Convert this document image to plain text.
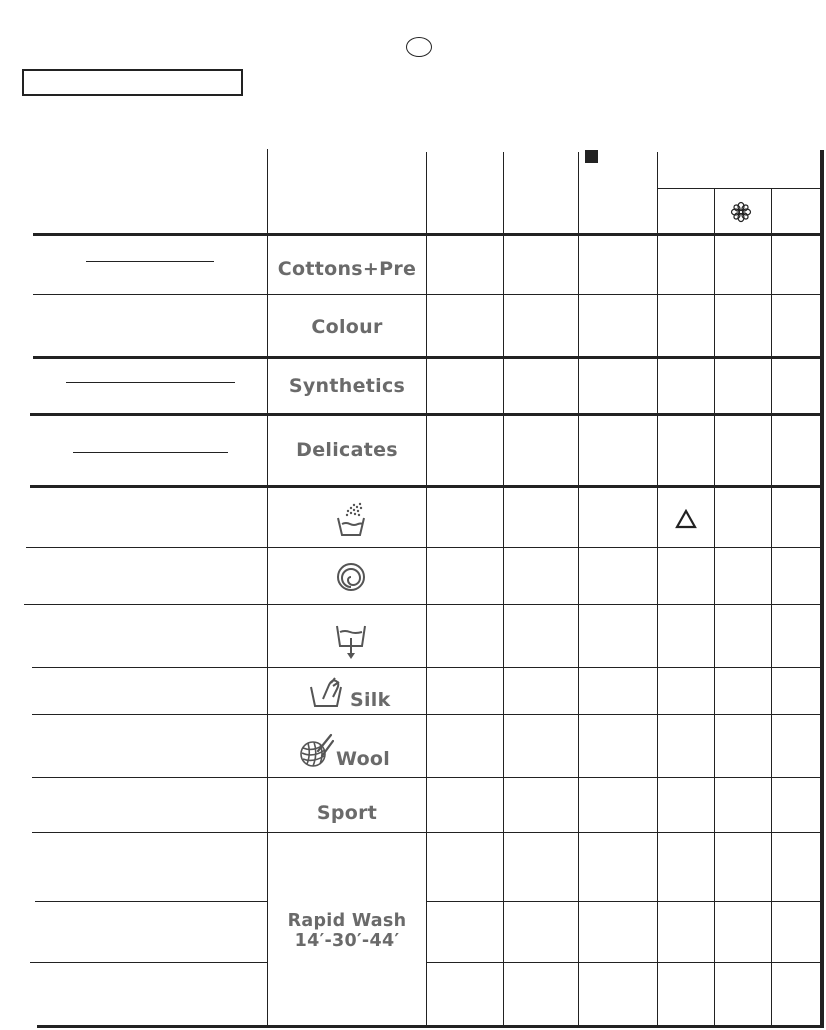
Cottons+Pre
Colour
Synthetics
Delicates
Silk
Wool
Sport
Rapid Wash
14′-30′-44′
